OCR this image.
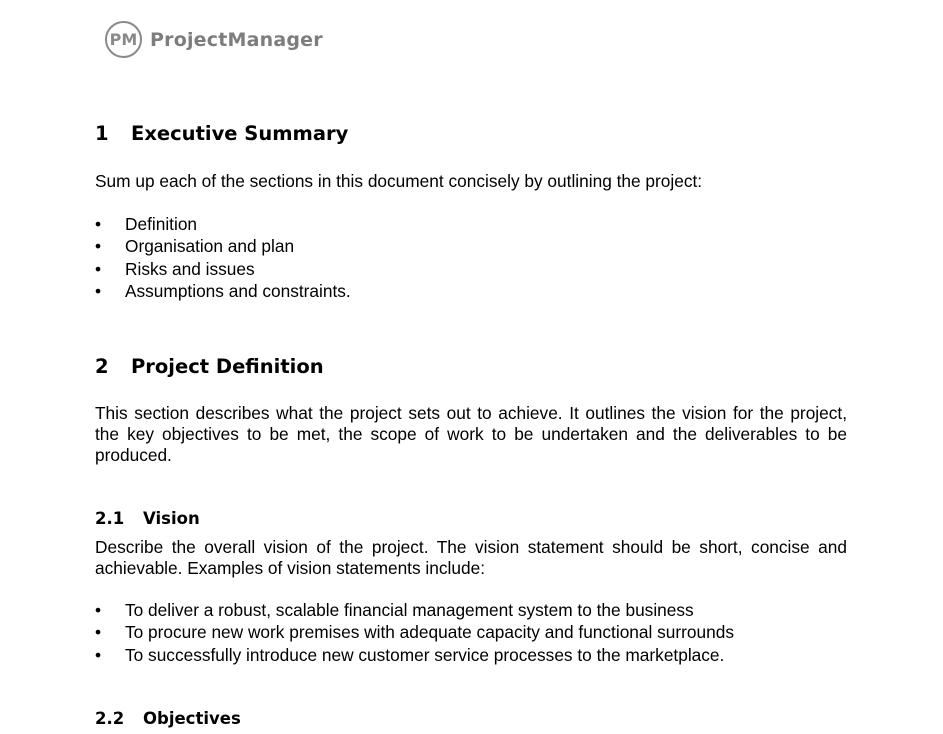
PM ProjectManager
1 Executive Summary
Sum up each of the sections in this document concisely by outlining the project:
• Definition
• Organisation and plan
• Risks and issues
• Assumptions and constraints.
2 Project Definition
This section describes what the project sets out to achieve. It outlines the vision for the project, the key objectives to be met, the scope of work to be undertaken and the deliverables to be produced.
2.1 Vision
Describe the overall vision of the project. The vision statement should be short, concise and achievable. Examples of vision statements include:
• To deliver a robust, scalable financial management system to the business
• To procure new work premises with adequate capacity and functional surrounds
• To successfully introduce new customer service processes to the marketplace.
2.2 Objectives
